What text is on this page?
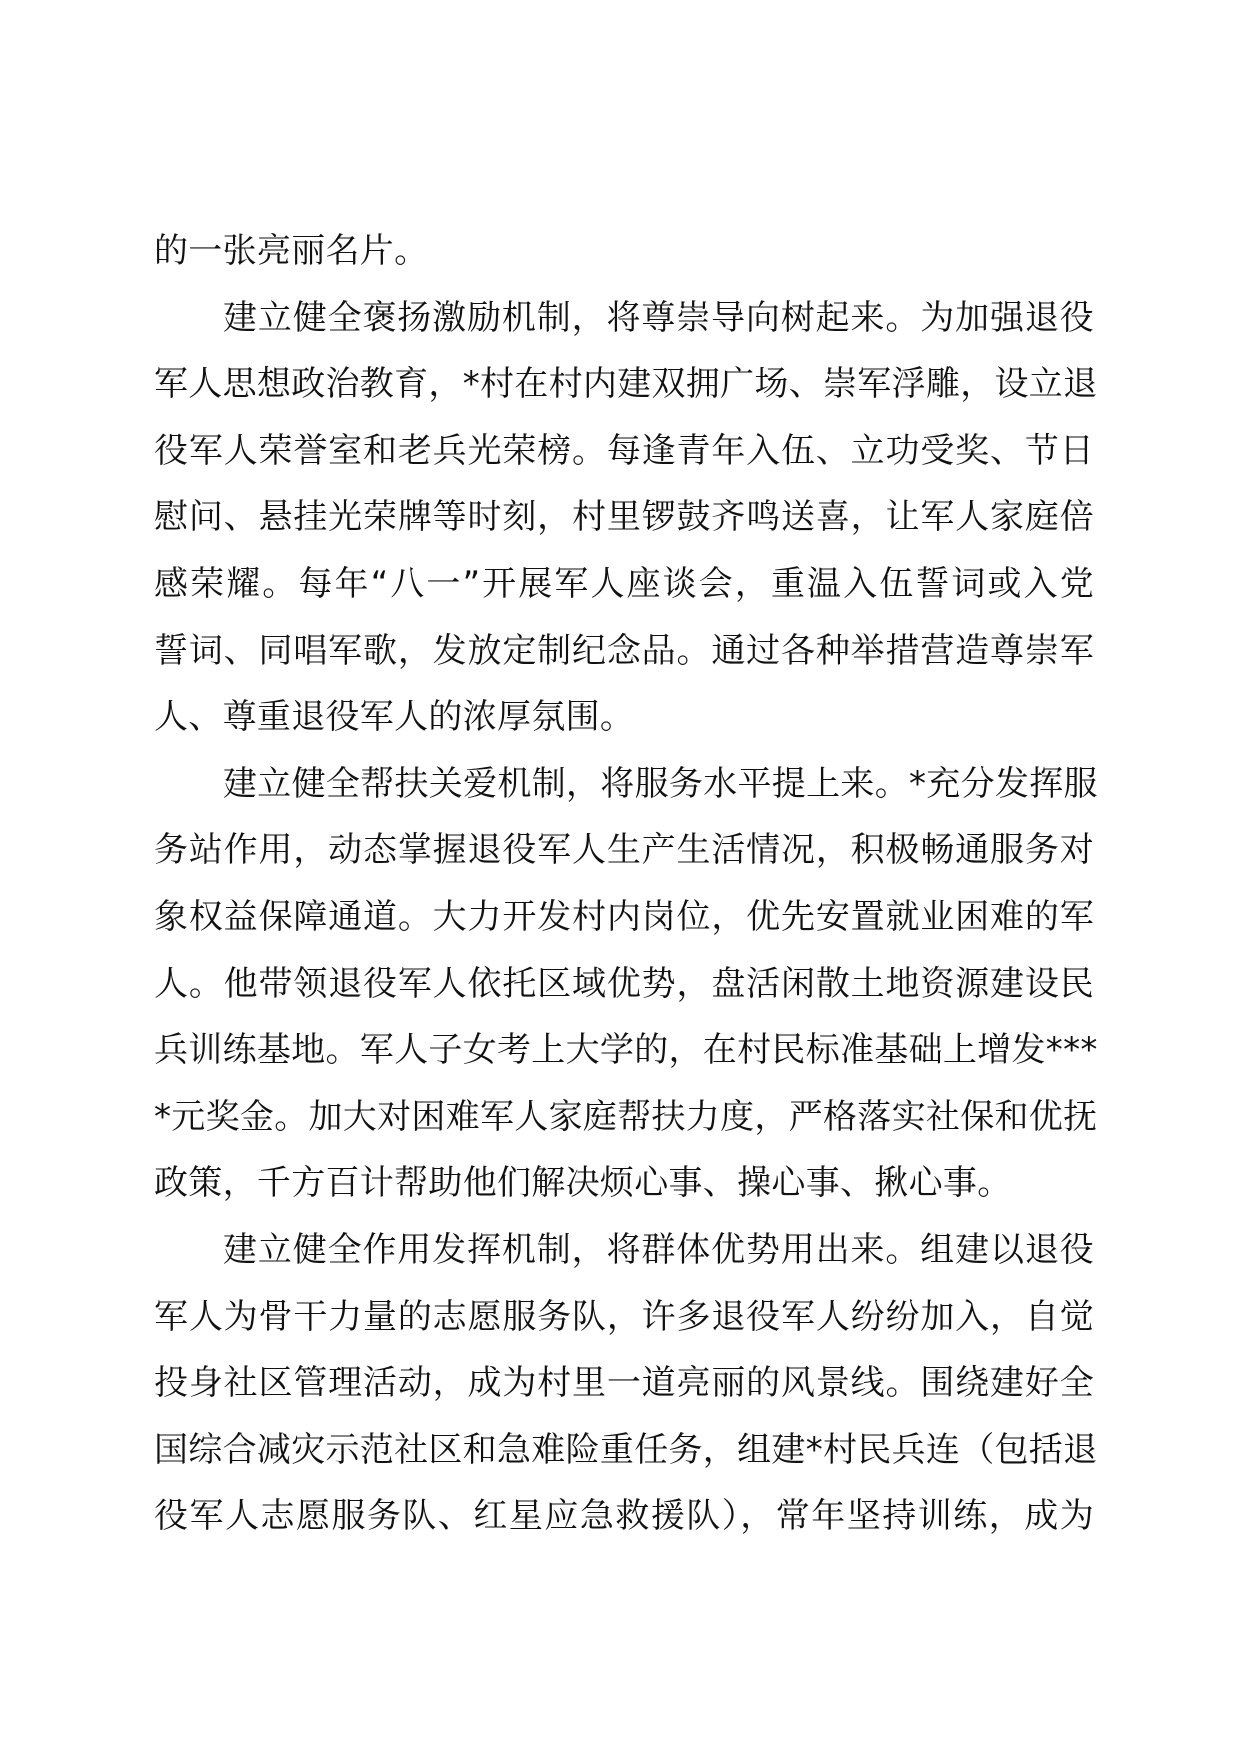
的一张亮丽名片。
建立健全褒扬激励机制，将尊崇导向树起来。为加强退役
军人思想政治教育，*村在村内建双拥广场、崇军浮雕，设立退
役军人荣誉室和老兵光荣榜。每逢青年入伍、立功受奖、节日
慰问、悬挂光荣牌等时刻，村里锣鼓齐鸣送喜，让军人家庭倍
感荣耀。每年“八一”开展军人座谈会，重温入伍誓词或入党
誓词、同唱军歌，发放定制纪念品。通过各种举措营造尊崇军
人、尊重退役军人的浓厚氛围。
建立健全帮扶关爱机制，将服务水平提上来。*充分发挥服
务站作用，动态掌握退役军人生产生活情况，积极畅通服务对
象权益保障通道。大力开发村内岗位，优先安置就业困难的军
人。他带领退役军人依托区域优势，盘活闲散土地资源建设民
兵训练基地。军人子女考上大学的，在村民标准基础上增发***
*元奖金。加大对困难军人家庭帮扶力度，严格落实社保和优抚
政策，千方百计帮助他们解决烦心事、操心事、揪心事。
建立健全作用发挥机制，将群体优势用出来。组建以退役
军人为骨干力量的志愿服务队，许多退役军人纷纷加入，自觉
投身社区管理活动，成为村里一道亮丽的风景线。围绕建好全
国综合减灾示范社区和急难险重任务，组建*村民兵连（包括退
役军人志愿服务队、红星应急救援队），常年坚持训练，成为
